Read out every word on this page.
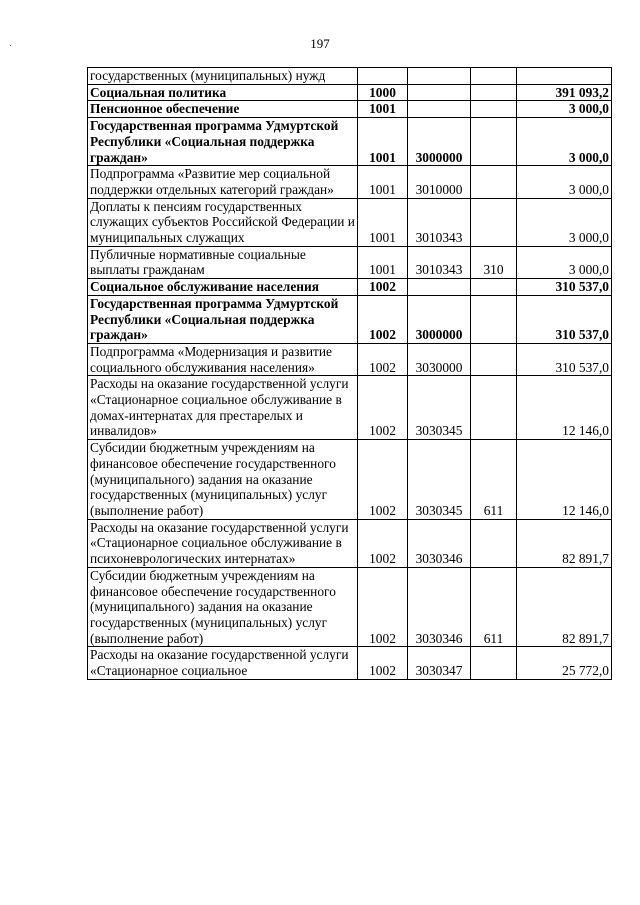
197
государственных (муниципальных) нужд				
Социальная политика	1000			391 093,2
Пенсионное обеспечение	1001			3 000,0
Государственная программа Удмуртской Республики «Социальная поддержка граждан»	1001	3000000		3 000,0
Подпрограмма «Развитие мер социальной поддержки отдельных категорий граждан»	1001	3010000		3 000,0
Доплаты к пенсиям государственных служащих субъектов Российской Федерации и муниципальных служащих	1001	3010343		3 000,0
Публичные нормативные социальные выплаты гражданам	1001	3010343	310	3 000,0
Социальное обслуживание населения	1002			310 537,0
Государственная программа Удмуртской Республики «Социальная поддержка граждан»	1002	3000000		310 537,0
Подпрограмма «Модернизация и развитие социального обслуживания населения»	1002	3030000		310 537,0
Расходы на оказание государственной услуги «Стационарное социальное обслуживание в домах-интернатах для престарелых и инвалидов»	1002	3030345		12 146,0
Субсидии бюджетным учреждениям на финансовое обеспечение государственного (муниципального) задания на оказание государственных (муниципальных) услуг (выполнение работ)	1002	3030345	611	12 146,0
Расходы на оказание государственной услуги «Стационарное социальное обслуживание в психоневрологических интернатах»	1002	3030346		82 891,7
Субсидии бюджетным учреждениям на финансовое обеспечение государственного (муниципального) задания на оказание государственных (муниципальных) услуг (выполнение работ)	1002	3030346	611	82 891,7
Расходы на оказание государственной услуги «Стационарное социальное	1002	3030347		25 772,0
